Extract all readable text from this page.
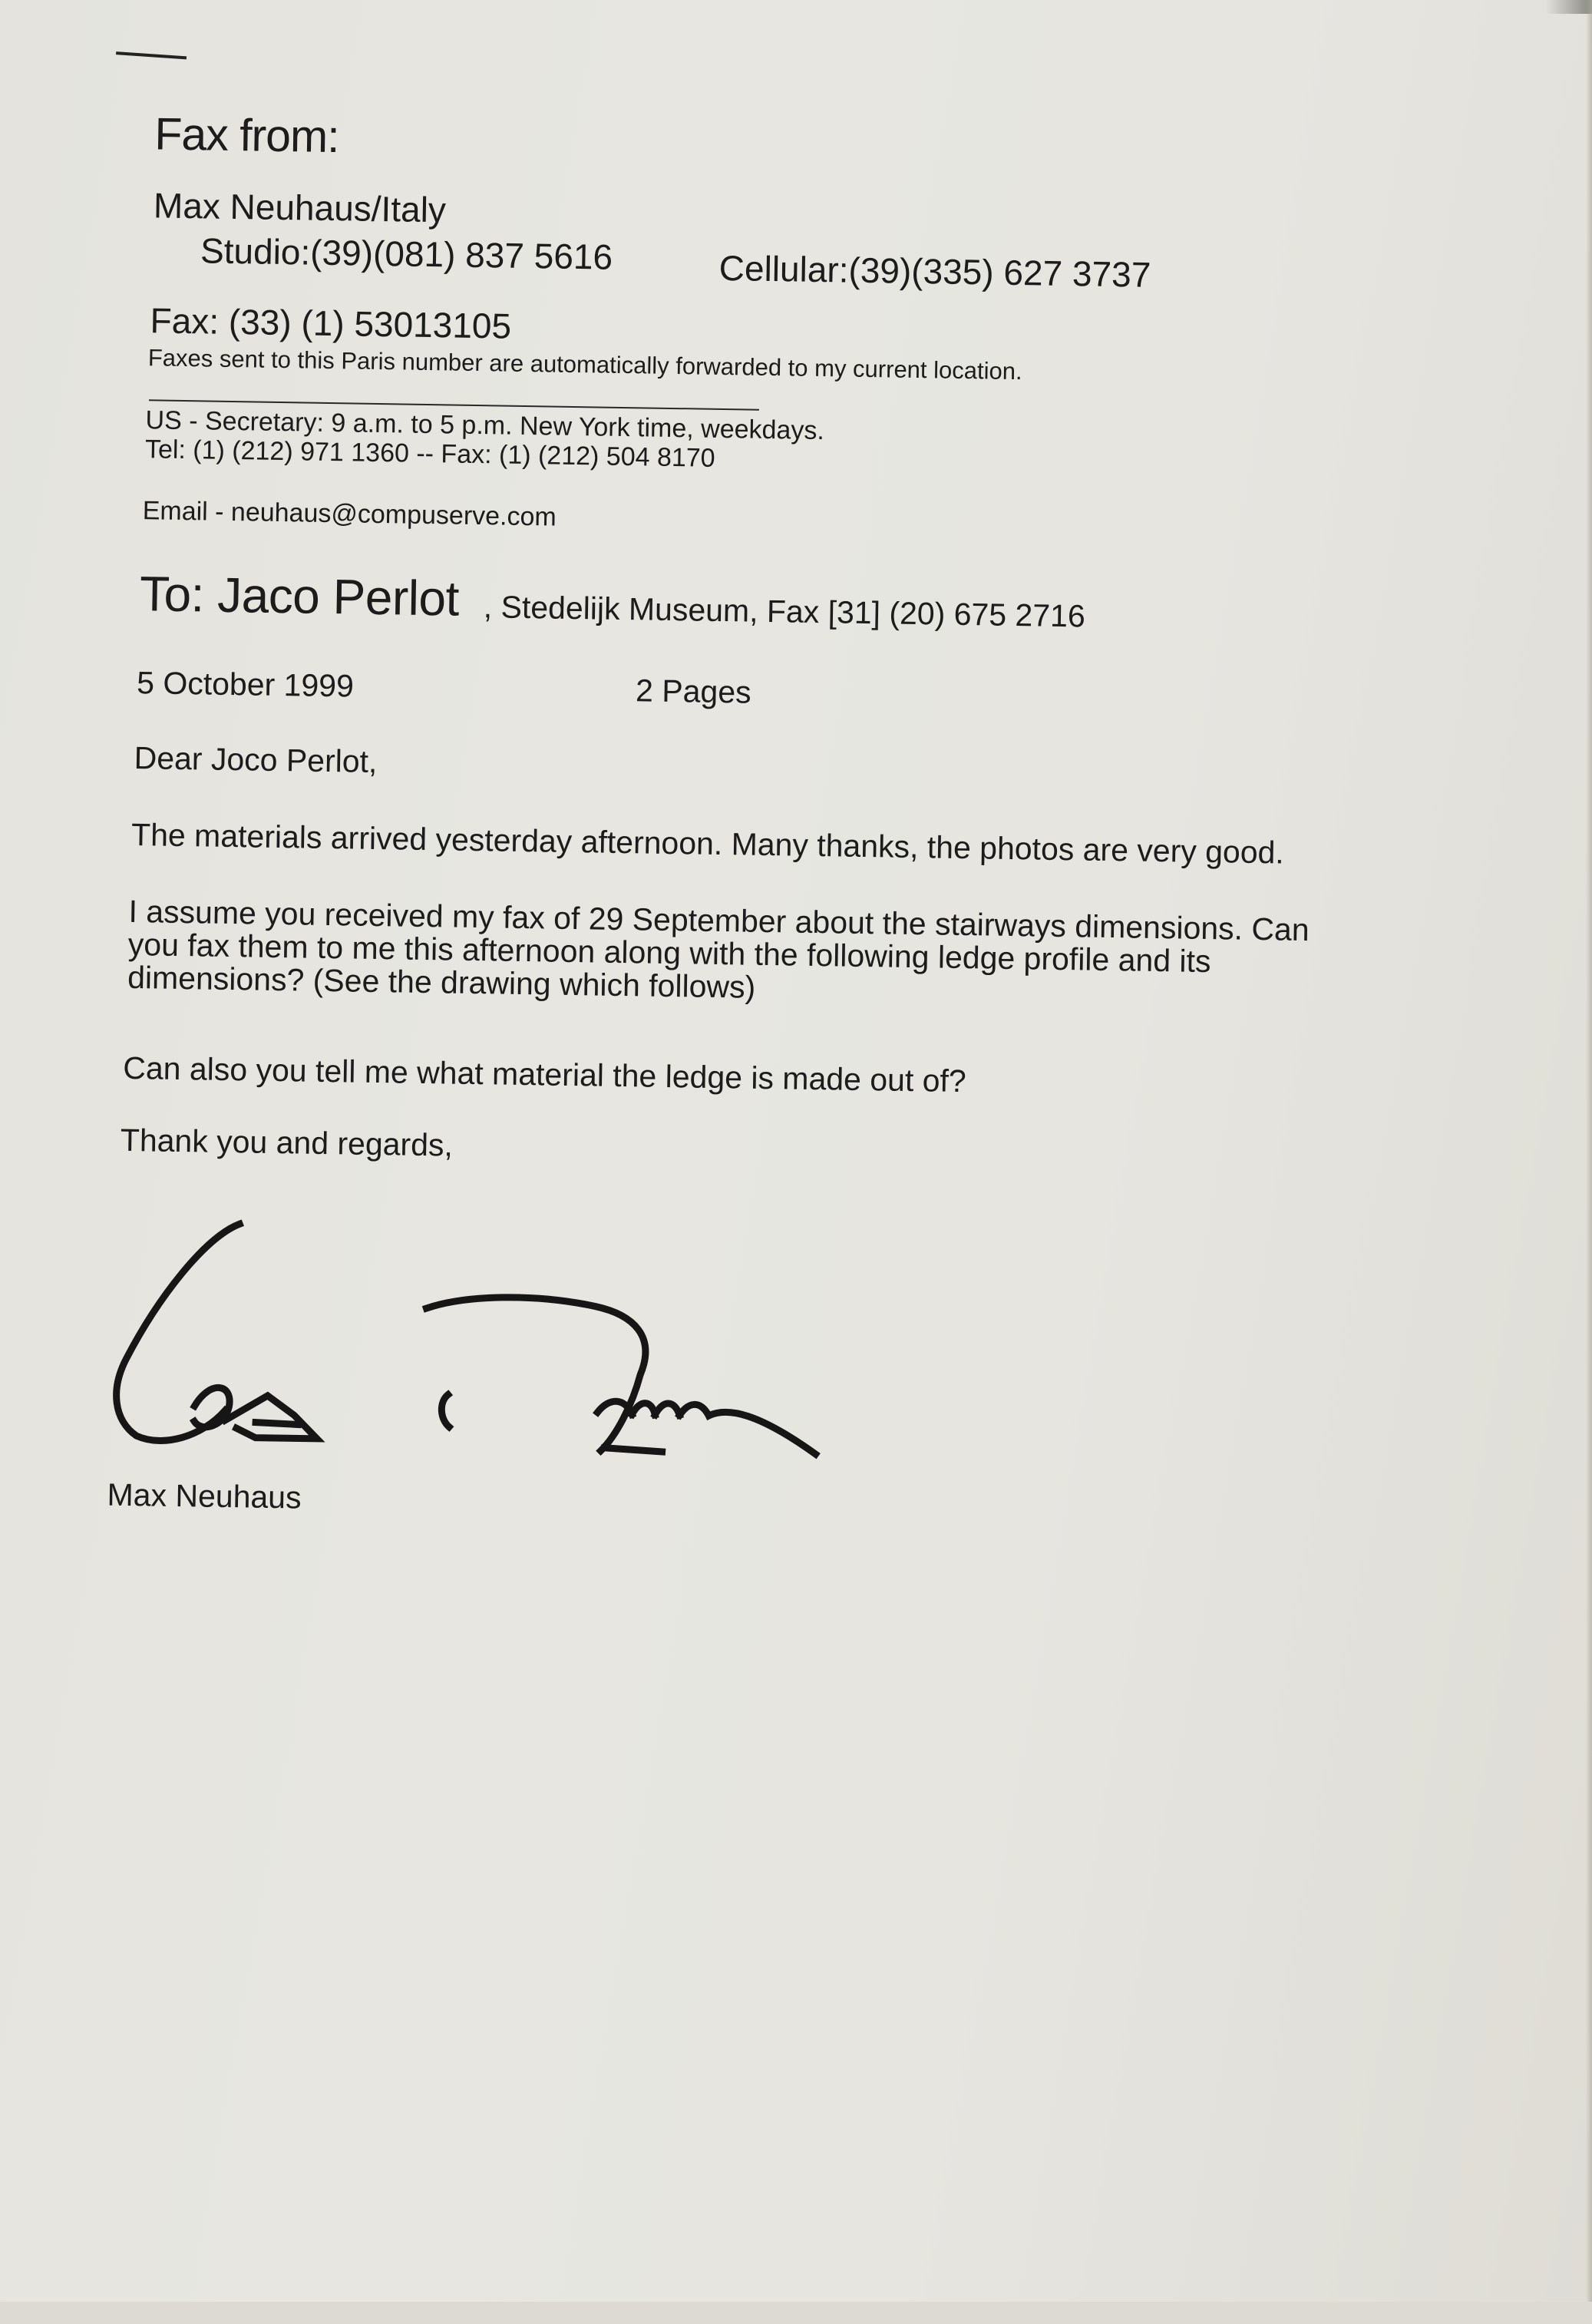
Fax from:

Max Neuhaus/Italy

Studio:(39)(081) 837 5616	Cellular:(39)(335) 627 3737

Fax: (33) (1) 53013105

Faxes sent to this Paris number are automatically forwarded to my current location.

US - Secretary: 9 a.m. to 5 p.m. New York time, weekdays.

Tel: (1) (212) 971 1360 -- Fax: (1) (212) 504 8170

Email - neuhaus@compuserve.com

To: Jaco Perlot , Stedelijk Museum, Fax [31] (20) 675 2716

5 October 1999	2 Pages

Dear Joco Perlot,

The materials arrived yesterday afternoon. Many thanks, the photos are very good.

I assume you received my fax of 29 September about the stairways dimensions. Can
you fax them to me this afternoon along with the following ledge profile and its
dimensions? (See the drawing which follows)

Can also you tell me what material the ledge is made out of?

Thank you and regards,

Max Neuhaus
